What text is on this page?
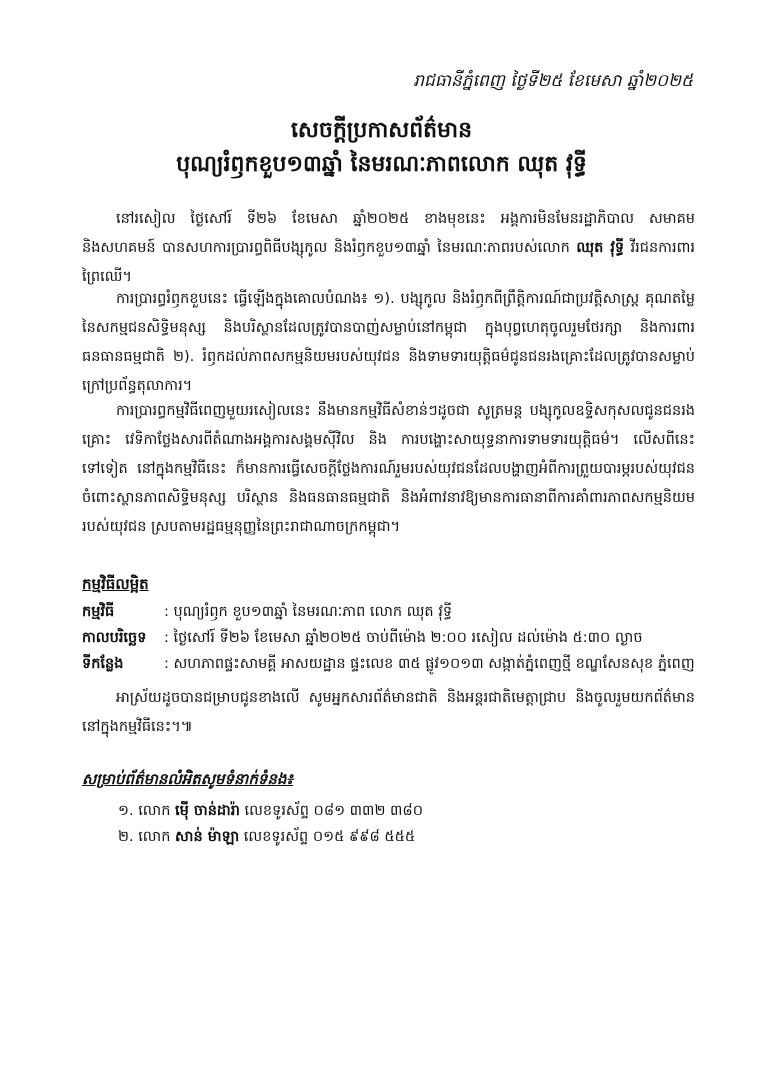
រាជធានីភ្នំពេញ ថ្ងៃទី២៥ ខែមេសា ឆ្នាំ២០២៥
សេចក្តីប្រកាសព័ត៌មាន
បុណ្យរំឭកខួប១៣ឆ្នាំ នៃមរណៈភាពលោក ឈុត វុទ្ធី

នៅរសៀល ថ្ងៃសៅរ៍ ទី២៦ ខែមេសា ឆ្នាំ២០២៥ ខាងមុខនេះ អង្គការមិនមែនរដ្ឋាភិបាល សមាគម និងសហគមន៍ បានសហការប្រារព្ធពិធីបង្សុកូល និងរំឭកខួប១៣ឆ្នាំ នៃមរណៈភាពរបស់លោក ឈុត វុទ្ធី វីរជនការពារព្រៃឈើ។

ការប្រារព្ធរំឭកខួបនេះ ធ្វើឡើងក្នុងគោលបំណង៖ ១). បង្សុកូល និងរំឭកពីព្រឹត្តិការណ៍ជាប្រវត្តិសាស្ត្រ គុណតម្លៃនៃសកម្មជនសិទ្ធិមនុស្ស និងបរិស្ថានដែលត្រូវបានបាញ់សម្លាប់នៅកម្ពុជា ក្នុងបុព្វហេតុចូលរួមថែរក្សា និងការពារធនធានធម្មជាតិ ២). រំឭកដល់ភាពសកម្មនិយមរបស់យុវជន និងទាមទារយុត្តិធម៌ជូនជនរងគ្រោះដែលត្រូវបានសម្លាប់ក្រៅប្រព័ន្ធតុលាការ។

ការប្រារព្ធកម្មវិធីពេញមួយរសៀលនេះ នឹងមានកម្មវិធីសំខាន់ៗដូចជា សូត្រមន្ត បង្សុកូលឧទ្ទិសកុសលជូនជនរងគ្រោះ វេទិកាថ្លែងសារពីតំណាងអង្គការសង្គមស៊ីវិល និង ការបង្ហោះសាយុទ្ធនាការទាមទារយុត្តិធម៌។ លើសពីនេះទៅទៀត នៅក្នុងកម្មវិធីនេះ ក៏មានការធ្វើសេចក្តីថ្លែងការណ៍រួមរបស់យុវជនដែលបង្ហាញអំពីការព្រួយបារម្ភរបស់យុវជនចំពោះស្ថានភាពសិទ្ធិមនុស្ស បរិស្ថាន និងធនធានធម្មជាតិ និងអំពាវនាវឱ្យមានការធានាពីការគាំពារភាពសកម្មនិយមរបស់យុវជន ស្របតាមរដ្ឋធម្មនុញ្ញនៃព្រះរាជាណាចក្រកម្ពុជា។

កម្មវិធីលម្អិត
កម្មវិធី	: បុណ្យរំឭក ខួប១៣ឆ្នាំ នៃមរណៈភាព លោក ឈុត វុទ្ធី
កាលបរិច្ឆេទ	: ថ្ងៃសៅរ៍ ទី២៦ ខែមេសា ឆ្នាំ២០២៥ ចាប់ពីម៉ោង ២:០០ រសៀល ដល់ម៉ោង ៥:៣០ ល្ងាច
ទីកន្លែង	: សហភាពផ្ទះសាមគ្គី អាសយដ្ឋាន ផ្ទះលេខ ៣៥ ផ្លូវ១០១៣ សង្កាត់ភ្នំពេញថ្មី ខណ្ឌសែនសុខ ភ្នំពេញ

អាស្រ័យដូចបានជម្រាបជូនខាងលើ សូមអ្នកសារព័ត៌មានជាតិ និងអន្តរជាតិមេត្តាជ្រាប និងចូលរួមយកព័ត៌មាននៅក្នុងកម្មវិធីនេះ។៕

សម្រាប់ព័ត៌មានលំអិតសូមទំនាក់ទំនង៖
១. លោក ម៉ើ ចាន់ដារ៉ា លេខទូរស័ព្ទ ០៨១ ៣៣២ ៣៨០
២. លោក សាន់ ម៉ាឡា លេខទូរស័ព្ទ ០១៥ ៩៩៨ ៥៥៥
